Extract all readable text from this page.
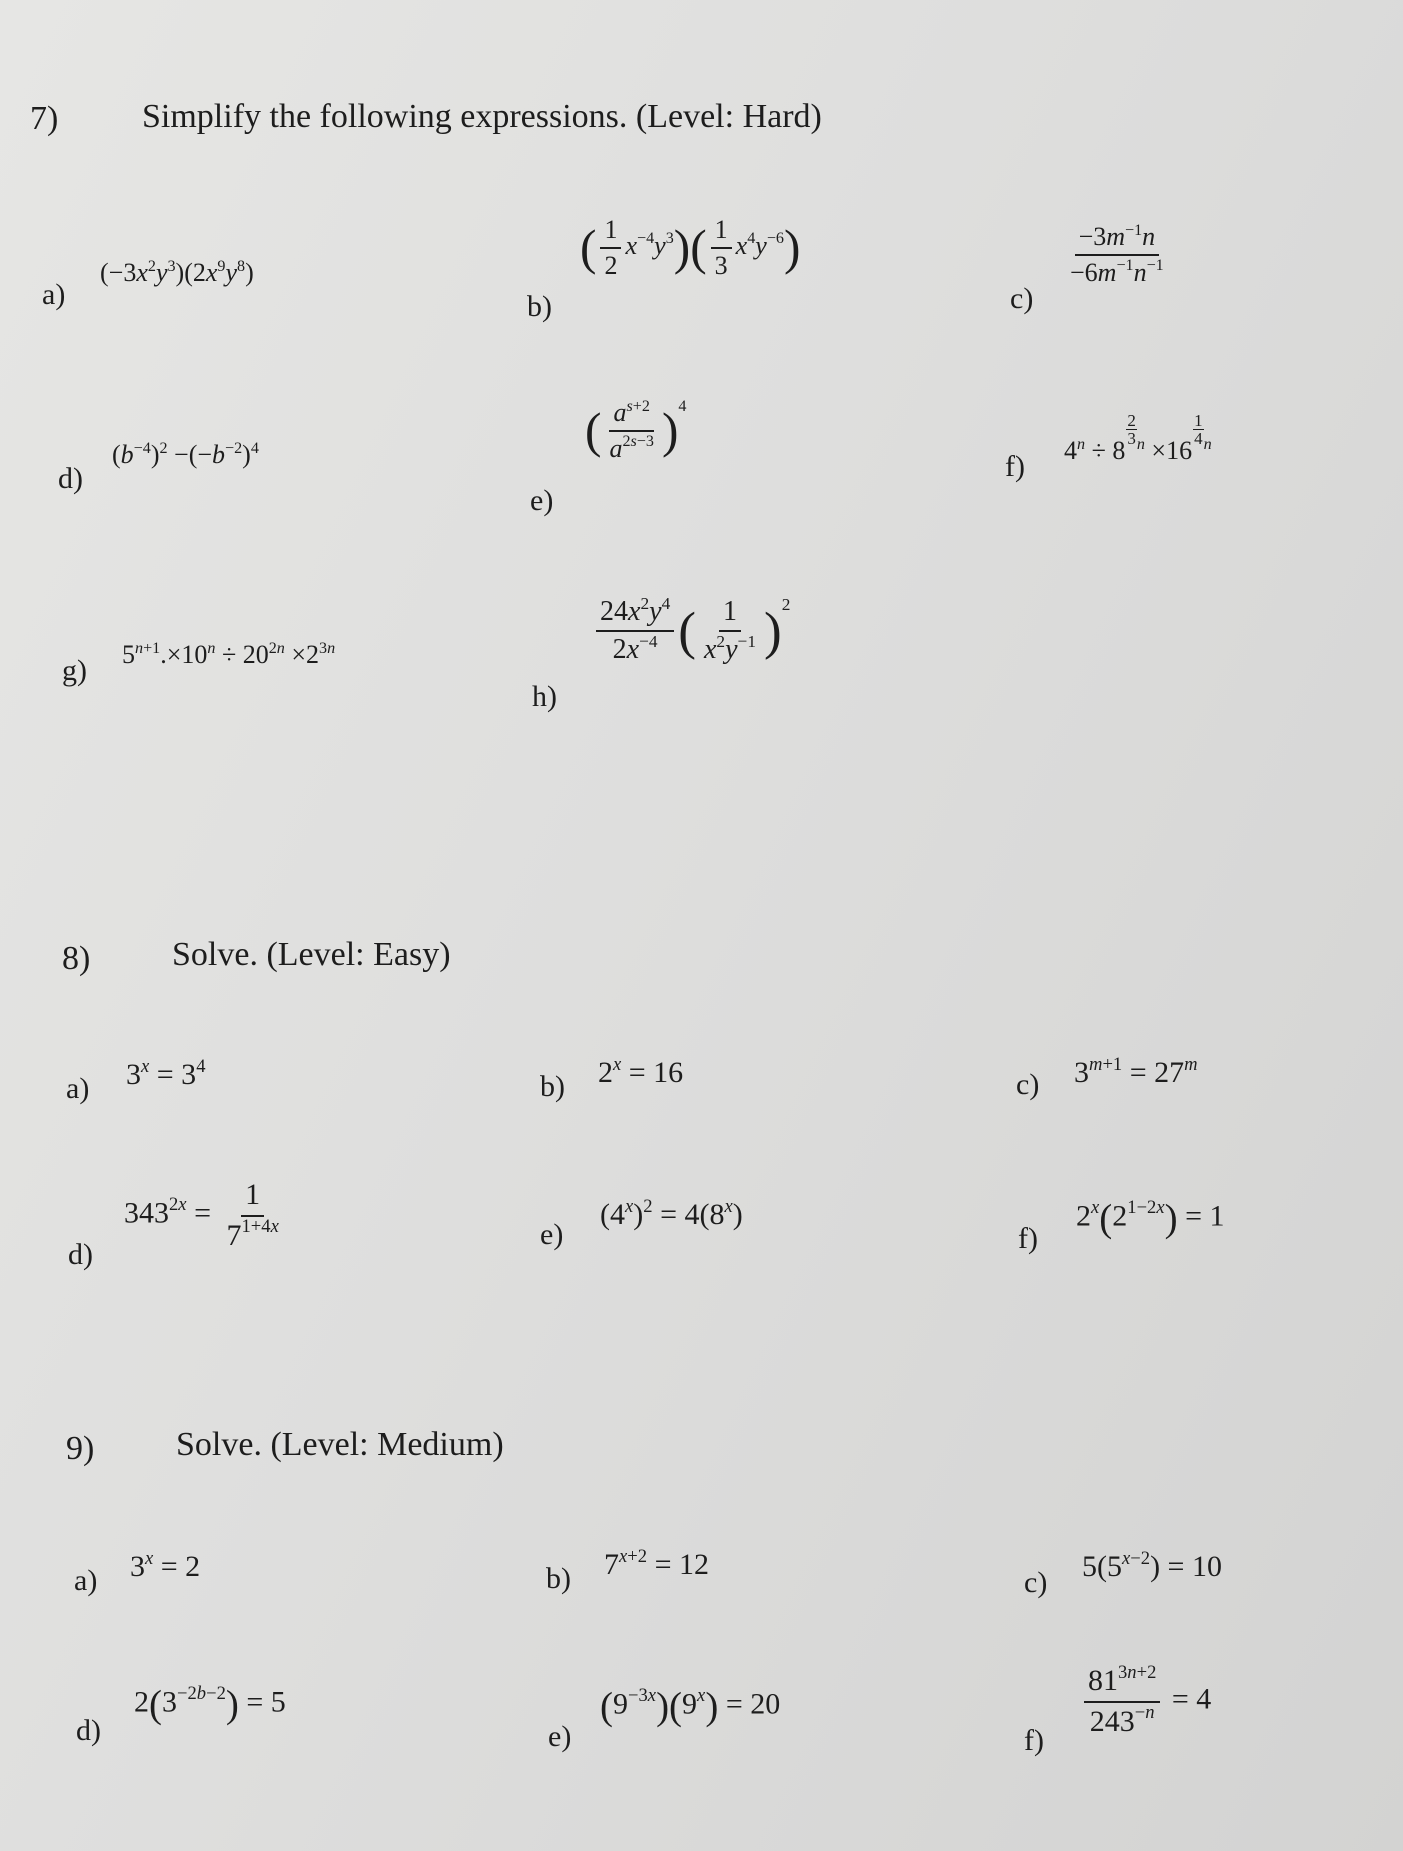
7) Simplify the following expressions. (Level: Hard)
a)
$(-3x^2y^3)(2x^9y^8)$
b)
( $\frac{1}{2} x^{-4}y^3)( \frac{1}{3} x^4y^{-6})$
c)
$\frac{-3m^{-1}n}{-6m^{-1}n^{-1}}$
d)
$(b^{-4})^2 -(-b^{-2})^4$
e)
( $\frac{a^{s+2}}{a^{2s-3}} )^4$
f) $4^n \div 8$
$\frac{2}{3} ^n \times 16$
$\frac{1}{4} ^n$
g) $5^{n+1}.\times 10^n \div 20^{2n} \times 2^{3n}$
h)
$\frac{24x^2y^4}{2x^{-4}}$ ( $\frac{1}{x^2y^{-1}} )^2$
8) Solve. (Level: Easy)
a) $3^x = 3^4$
b) $2^x = 16$	c) $3^{m+1} = 27^m$
d)
$343^{2x} = \frac{1}{7^{1+4x}}$	e)
$(4^x)^2 = 4(8^x)$
f)
$2^x(2^{1-2x}) = 1$
9) Solve. (Level: Medium)
a) $3^x = 2$	b) $7^{x+2} = 12$
c) $5(5^{x-2}) = 10$
d)
$2(3^{-2b-2}) = 5$
e)
$(9^{-3x})(9^x) = 20$
f)
$\frac{81^{3n+2}}{243^{-n}} = 4$
